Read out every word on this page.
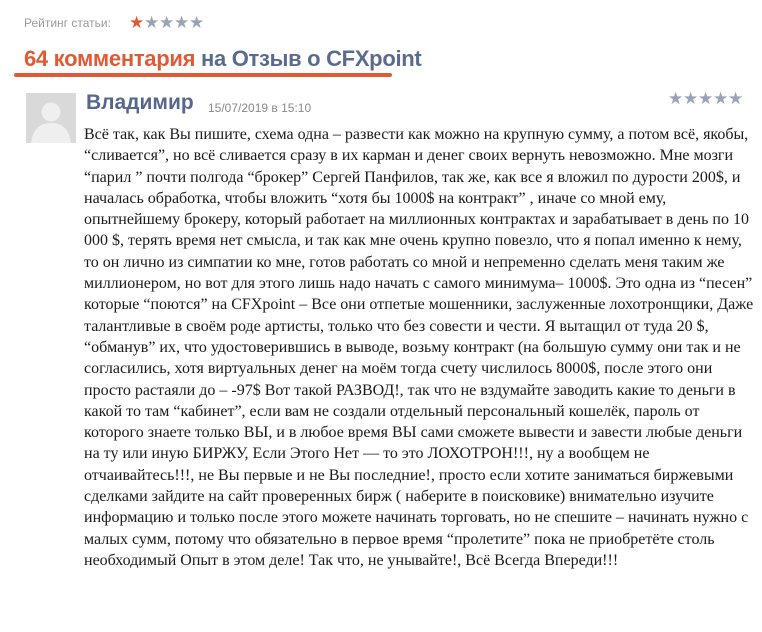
Рейтинг статьи: ★ ★ ★ ★ ★
64 комментария на Отзыв о CFXpoint
Владимир 15/07/2019 в 15:10	★ ★ ★ ★ ★
Всё так, как Вы пишите, схема одна – развести как можно на крупную сумму, а потом всё, якобы, “сливается”, но всё сливается сразу в их карман и денег своих вернуть невозможно. Мне мозги “парил ” почти полгода “брокер” Сергей Панфилов, так же, как все я вложил по дурости 200$, и началась обработка, чтобы вложить “хотя бы 1000$ на контракт” , иначе со мной ему, опытнейшему брокеру, который работает на миллионных контрактах и зарабатывает в день по 10 000 $, терять время нет смысла, и так как мне очень крупно повезло, что я попал именно к нему, то он лично из симпатии ко мне, готов работать со мной и непременно сделать меня таким же миллионером, но вот для этого лишь надо начать с самого минимума– 1000$. Это одна из “песен” которые “поются” на CFXpoint – Все они отпетые мошенники, заслуженные лохотронщики, Даже талантливые в своём роде артисты, только что без совести и чести. Я вытащил от туда 20 $, “обманув” их, что удостоверившись в выводе, возьму контракт (на большую сумму они так и не согласились, хотя виртуальных денег на моём тогда счету числилось 8000$, после этого они просто растаяли до – -97$ Вот такой РАЗВОД!, так что не вздумайте заводить какие то деньги в какой то там “кабинет”, если вам не создали отдельный персональный кошелёк, пароль от которого знаете только ВЫ, и в любое время ВЫ сами сможете вывести и завести любые деньги на ту или иную БИРЖУ, Если Этого Нет — то это ЛОХОТРОН!!!, ну а вообщем не отчаивайтесь!!!, не Вы первые и не Вы последние!, просто если хотите заниматься биржевыми сделками зайдите на сайт проверенных бирж ( наберите в поисковике) внимательно изучите информацию и только после этого можете начинать торговать, но не спешите – начинать нужно с малых сумм, потому что обязательно в первое время “пролетите” пока не приобретёте столь необходимый Опыт в этом деле! Так что, не унывайте!, Всё Всегда Впереди!!!
